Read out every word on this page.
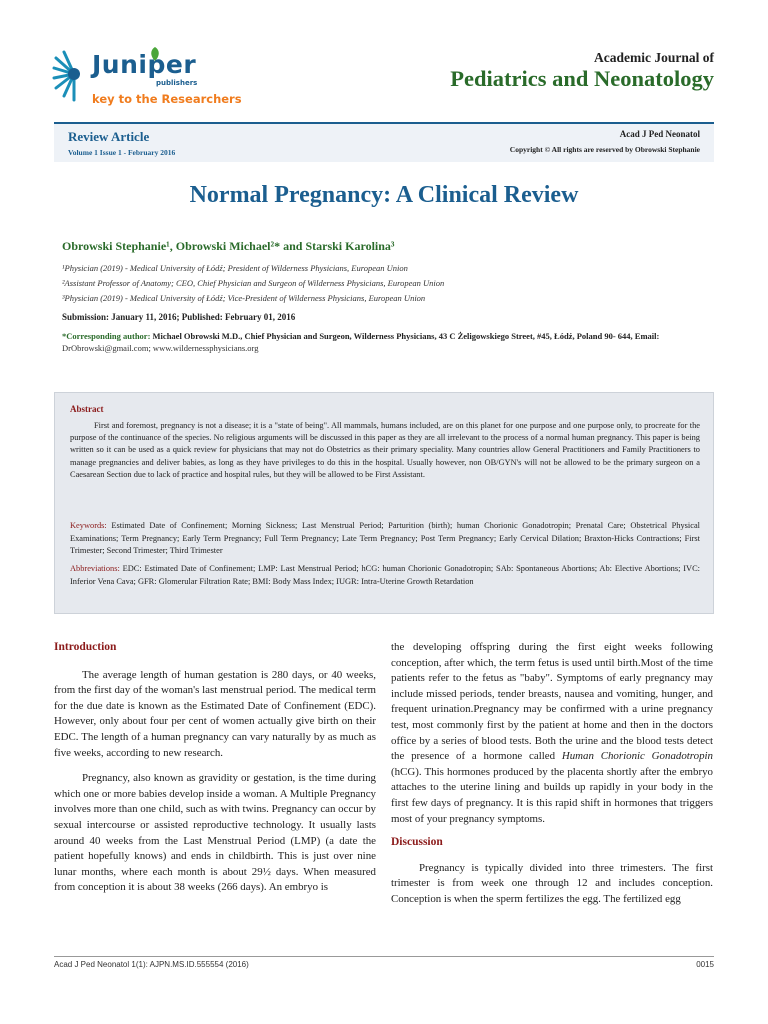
Juniper
publishers
key to the Researchers
Academic Journal of
Pediatrics and Neonatology
Review Article
Volume 1 Issue 1 - February 2016
Acad J Ped Neonatol
Copyright © All rights are reserved by Obrowski Stephanie
Normal Pregnancy: A Clinical Review
Obrowski Stephanie¹, Obrowski Michael²* and Starski Karolina³
¹Physician (2019) - Medical University of Łódź; President of Wilderness Physicians, European Union
²Assistant Professor of Anatomy; CEO, Chief Physician and Surgeon of Wilderness Physicians, European Union
³Physician (2019) - Medical University of Łódź; Vice-President of Wilderness Physicians, European Union
Submission: January 11, 2016; Published: February 01, 2016
*Corresponding author: Michael Obrowski M.D., Chief Physician and Surgeon, Wilderness Physicians, 43 C Żeligowskiego Street, #45, Łódź, Poland 90- 644, Email: DrObrowski@gmail.com; www.wildernessphysicians.org
Abstract
First and foremost, pregnancy is not a disease; it is a "state of being". All mammals, humans included, are on this planet for one purpose and one purpose only, to procreate for the purpose of the continuance of the species. No religious arguments will be discussed in this paper as they are all irrelevant to the process of a normal human pregnancy. This paper is being written so it can be used as a quick review for physicians that may not do Obstetrics as their primary speciality. Many countries allow General Practitioners and Family Practitioners to manage pregnancies and deliver babies, as long as they have privileges to do this in the hospital. Usually however, non OB/GYN's will not be allowed to be the primary surgeon on a Caesarean Section due to lack of practice and hospital rules, but they will be allowed to be First Assistant.
Keywords: Estimated Date of Confinement; Morning Sickness; Last Menstrual Period; Parturition (birth); human Chorionic Gonadotropin; Prenatal Care; Obstetrical Physical Examinations; Term Pregnancy; Early Term Pregnancy; Full Term Pregnancy; Late Term Pregnancy; Post Term Pregnancy; Early Cervical Dilation; Braxton-Hicks Contractions; First Trimester; Second Trimester; Third Trimester
Abbreviations: EDC: Estimated Date of Confinement; LMP: Last Menstrual Period; hCG: human Chorionic Gonadotropin; SAb: Spontaneous Abortions; Ab: Elective Abortions; IVC: Inferior Vena Cava; GFR: Glomerular Filtration Rate; BMI: Body Mass Index; IUGR: Intra-Uterine Growth Retardation
Introduction

The average length of human gestation is 280 days, or 40 weeks, from the first day of the woman's last menstrual period. The medical term for the due date is known as the Estimated Date of Confinement (EDC). However, only about four per cent of women actually give birth on their EDC. The length of a human pregnancy can vary naturally by as much as five weeks, according to new research.

Pregnancy, also known as gravidity or gestation, is the time during which one or more babies develop inside a woman. A Multiple Pregnancy involves more than one child, such as with twins. Pregnancy can occur by sexual intercourse or assisted reproductive technology. It usually lasts around 40 weeks from the Last Menstrual Period (LMP) (a date the patient hopefully knows) and ends in childbirth. This is just over nine lunar months, where each month is about 29½ days. When measured from conception it is about 38 weeks (266 days). An embryo is

the developing offspring during the first eight weeks following conception, after which, the term fetus is used until birth.Most of the time patients refer to the fetus as "baby". Symptoms of early pregnancy may include missed periods, tender breasts, nausea and vomiting, hunger, and frequent urination.Pregnancy may be confirmed with a urine pregnancy test, most commonly first by the patient at home and then in the doctors office by a series of blood tests. Both the urine and the blood tests detect the presence of a hormone called Human Chorionic Gonadotropin (hCG). This hormones produced by the placenta shortly after the embryo attaches to the uterine lining and builds up rapidly in your body in the first few days of pregnancy. It is this rapid shift in hormones that triggers most of your pregnancy symptoms.

Discussion

Pregnancy is typically divided into three trimesters. The first trimester is from week one through 12 and includes conception. Conception is when the sperm fertilizes the egg. The fertilized egg

Acad J Ped Neonatol 1(1): AJPN.MS.ID.555554 (2016)	0015
